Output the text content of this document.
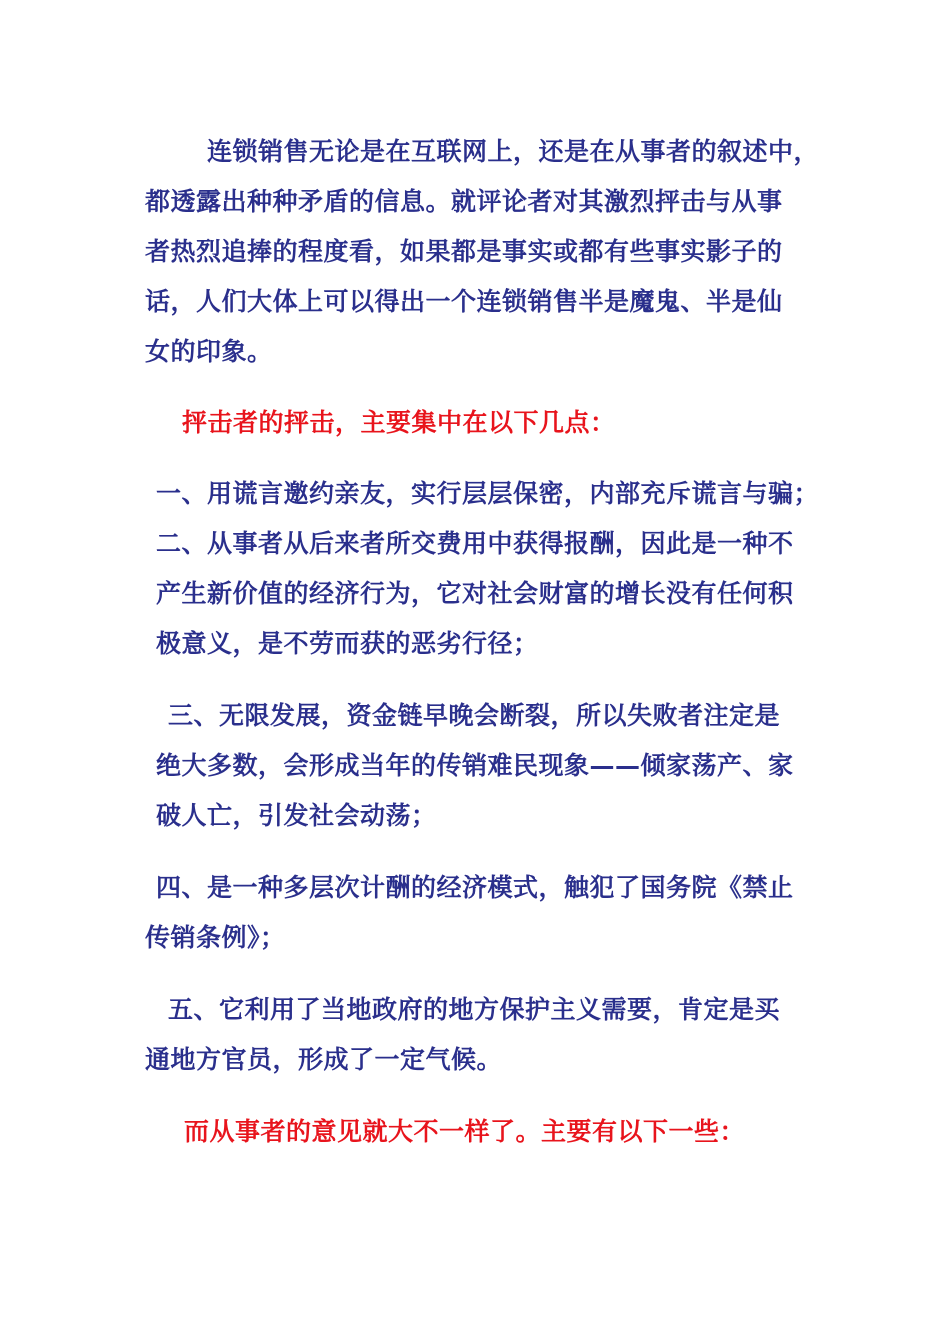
连锁销售无论是在互联网上，还是在从事者的叙述中，
都透露出种种矛盾的信息。就评论者对其激烈抨击与从事
者热烈追捧的程度看，如果都是事实或都有些事实影子的
话，人们大体上可以得出一个连锁销售半是魔鬼、半是仙
女的印象。
抨击者的抨击，主要集中在以下几点：
一、用谎言邀约亲友，实行层层保密，内部充斥谎言与骗；
二、从事者从后来者所交费用中获得报酬，因此是一种不
产生新价值的经济行为，它对社会财富的增长没有任何积
极意义，是不劳而获的恶劣行径；
三、无限发展，资金链早晚会断裂，所以失败者注定是
绝大多数，会形成当年的传销难民现象——倾家荡产、家
破人亡，引发社会动荡；
四、是一种多层次计酬的经济模式，触犯了国务院《禁止
传销条例》；
五、它利用了当地政府的地方保护主义需要，肯定是买
通地方官员，形成了一定气候。
而从事者的意见就大不一样了。主要有以下一些：
